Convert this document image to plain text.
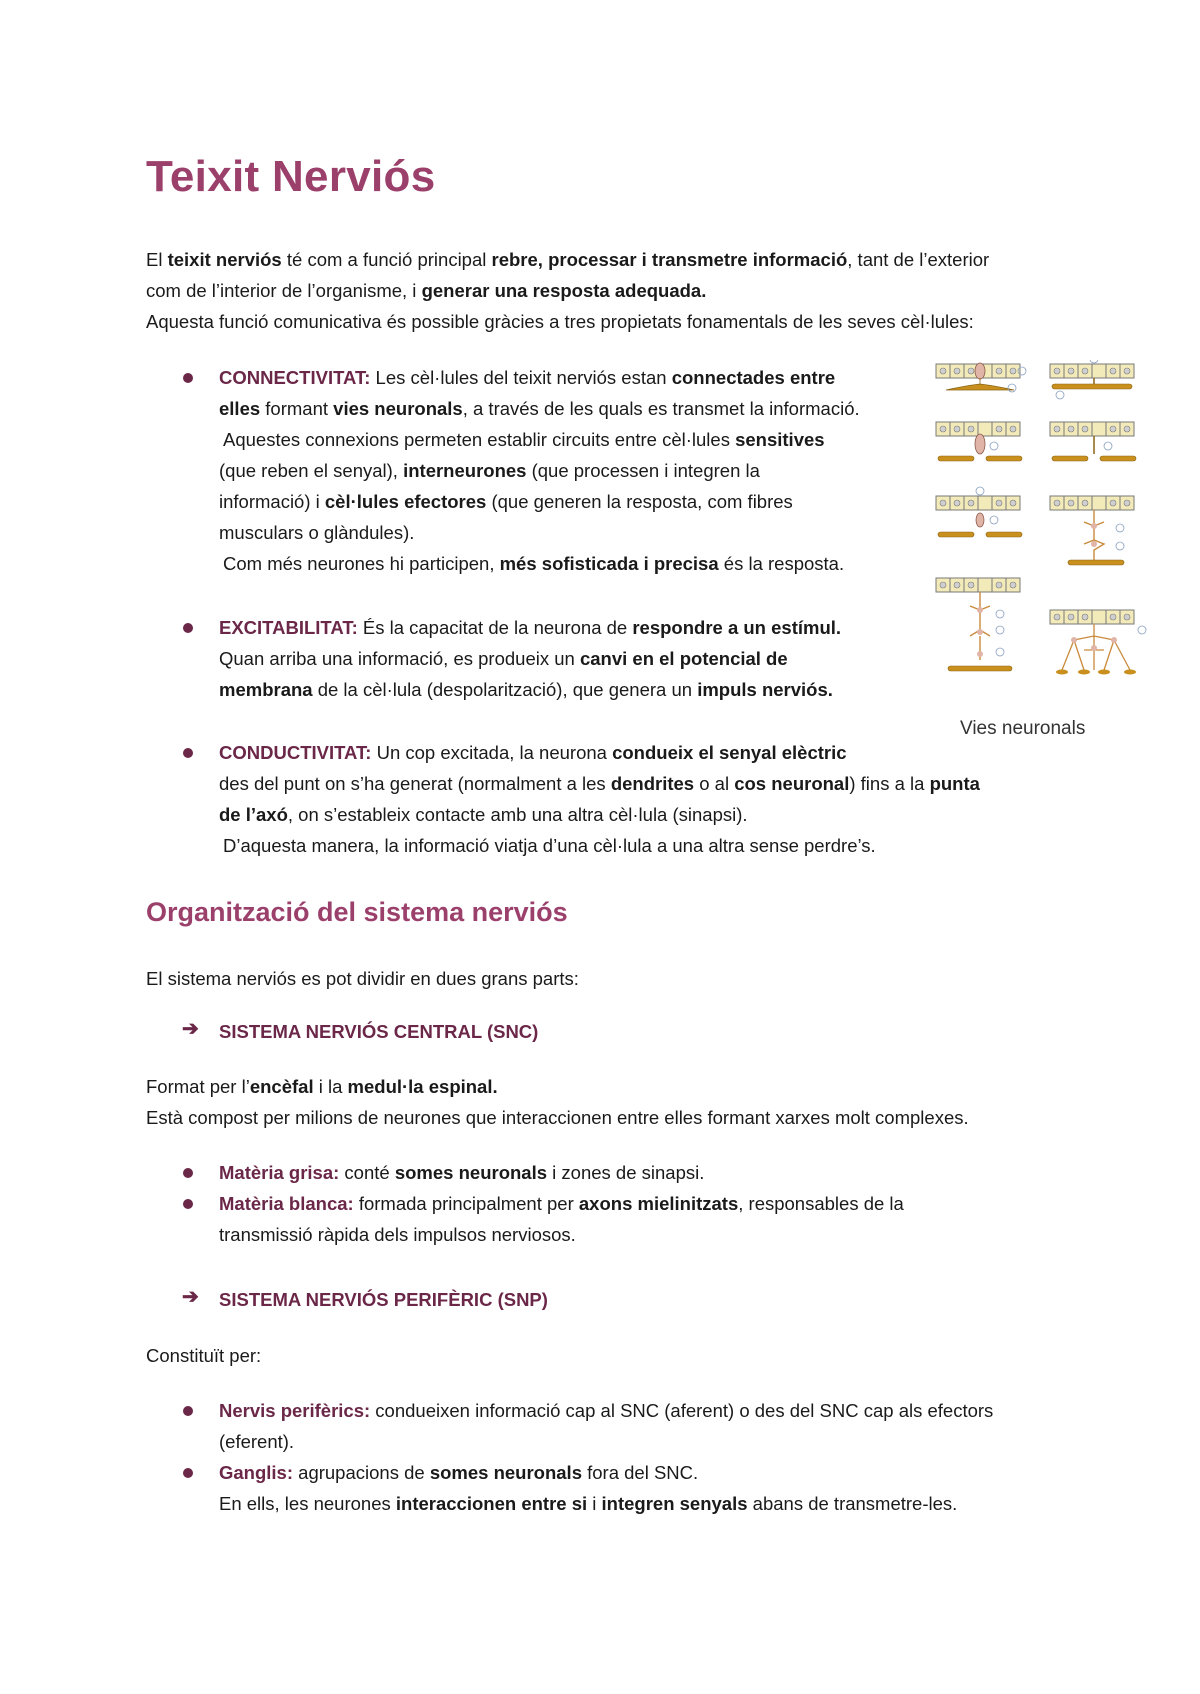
Teixit Nerviós

El teixit nerviós té com a funció principal rebre, processar i transmetre informació, tant de l’exterior

com de l’interior de l’organisme, i generar una resposta adequada.

Aquesta funció comunicativa és possible gràcies a tres propietats fonamentals de les seves cèl·lules:

CONNECTIVITAT: Les cèl·lules del teixit nerviós estan connectades entre

elles formant vies neuronals, a través de les quals es transmet la informació.

Aquestes connexions permeten establir circuits entre cèl·lules sensitives

(que reben el senyal), interneurones (que processen i integren la

informació) i cèl·lules efectores (que generen la resposta, com fibres

musculars o glàndules).

Com més neurones hi participen, més sofisticada i precisa és la resposta.

EXCITABILITAT: És la capacitat de la neurona de respondre a un estímul.

Quan arriba una informació, es produeix un canvi en el potencial de

membrana de la cèl·lula (despolarització), que genera un impuls nerviós.

CONDUCTIVITAT: Un cop excitada, la neurona condueix el senyal elèctric

des del punt on s’ha generat (normalment a les dendrites o al cos neuronal) fins a la punta

de l’axó, on s’estableix contacte amb una altra cèl·lula (sinapsi).

D’aquesta manera, la informació viatja d’una cèl·lula a una altra sense perdre’s.

Vies neuronals
Organització del sistema nerviós

El sistema nerviós es pot dividir en dues grans parts:

➔ SISTEMA NERVIÓS CENTRAL (SNC)

Format per l’encèfal i la medul·la espinal.

Està compost per milions de neurones que interaccionen entre elles formant xarxes molt complexes.

Matèria grisa: conté somes neuronals i zones de sinapsi.

Matèria blanca: formada principalment per axons mielinitzats, responsables de la

transmissió ràpida dels impulsos nerviosos.

➔ SISTEMA NERVIÓS PERIFÈRIC (SNP)

Constituït per:

Nervis perifèrics: condueixen informació cap al SNC (aferent) o des del SNC cap als efectors

(eferent).

Ganglis: agrupacions de somes neuronals fora del SNC.

En ells, les neurones interaccionen entre si i integren senyals abans de transmetre-les.
